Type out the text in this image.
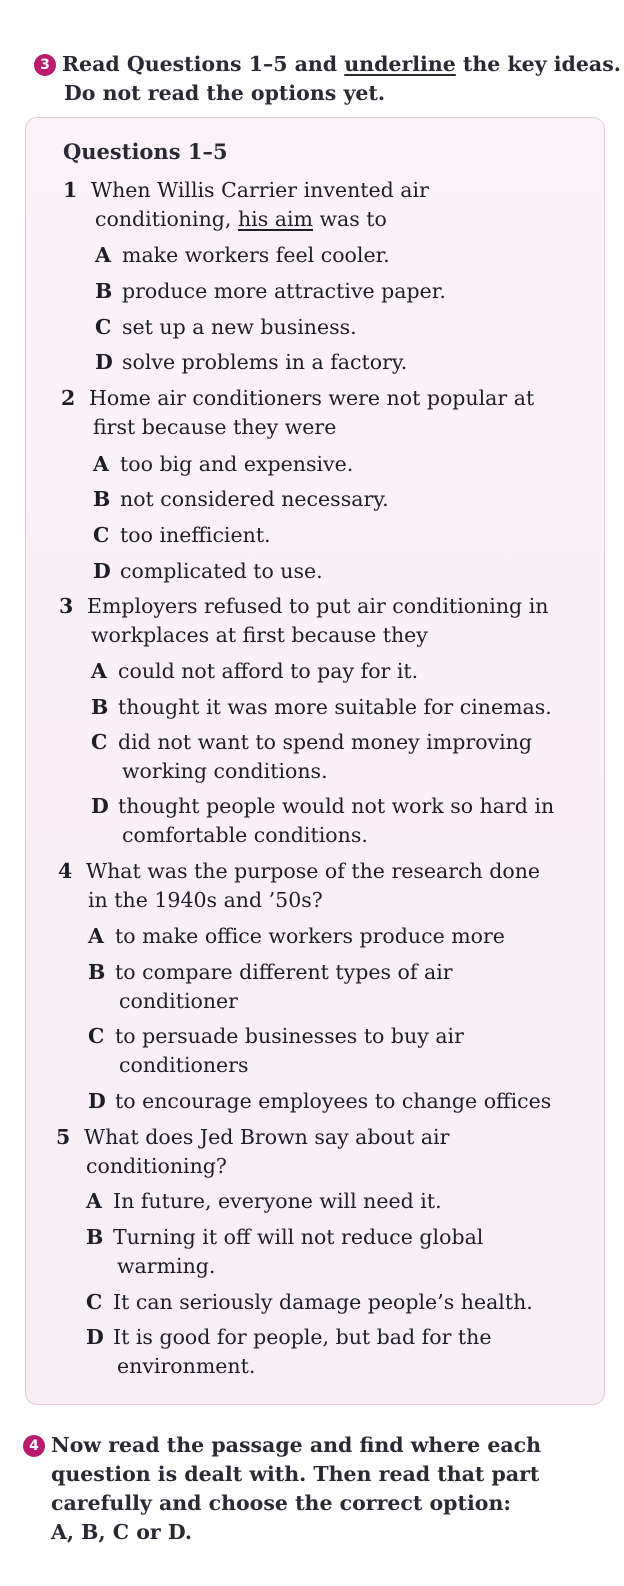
3 Read Questions 1–5 and underline the key ideas.
Do not read the options yet.
Questions 1–5
1 When Willis Carrier invented air
conditioning, his aim was to
A make workers feel cooler.
B produce more attractive paper.
C set up a new business.
D solve problems in a factory.
2 Home air conditioners were not popular at
first because they were
A too big and expensive.
B not considered necessary.
C too inefficient.
D complicated to use.
3 Employers refused to put air conditioning in
workplaces at first because they
A could not afford to pay for it.
B thought it was more suitable for cinemas.
C did not want to spend money improving
working conditions.
D thought people would not work so hard in
comfortable conditions.
4 What was the purpose of the research done
in the 1940s and ’50s?
A to make office workers produce more
B to compare different types of air
conditioner
C to persuade businesses to buy air
conditioners
D to encourage employees to change offices
5 What does Jed Brown say about air
conditioning?
A In future, everyone will need it.
B Turning it off will not reduce global
warming.
C It can seriously damage people’s health.
D It is good for people, but bad for the
environment.
4 Now read the passage and find where each
question is dealt with. Then read that part
carefully and choose the correct option:
A, B, C or D.
